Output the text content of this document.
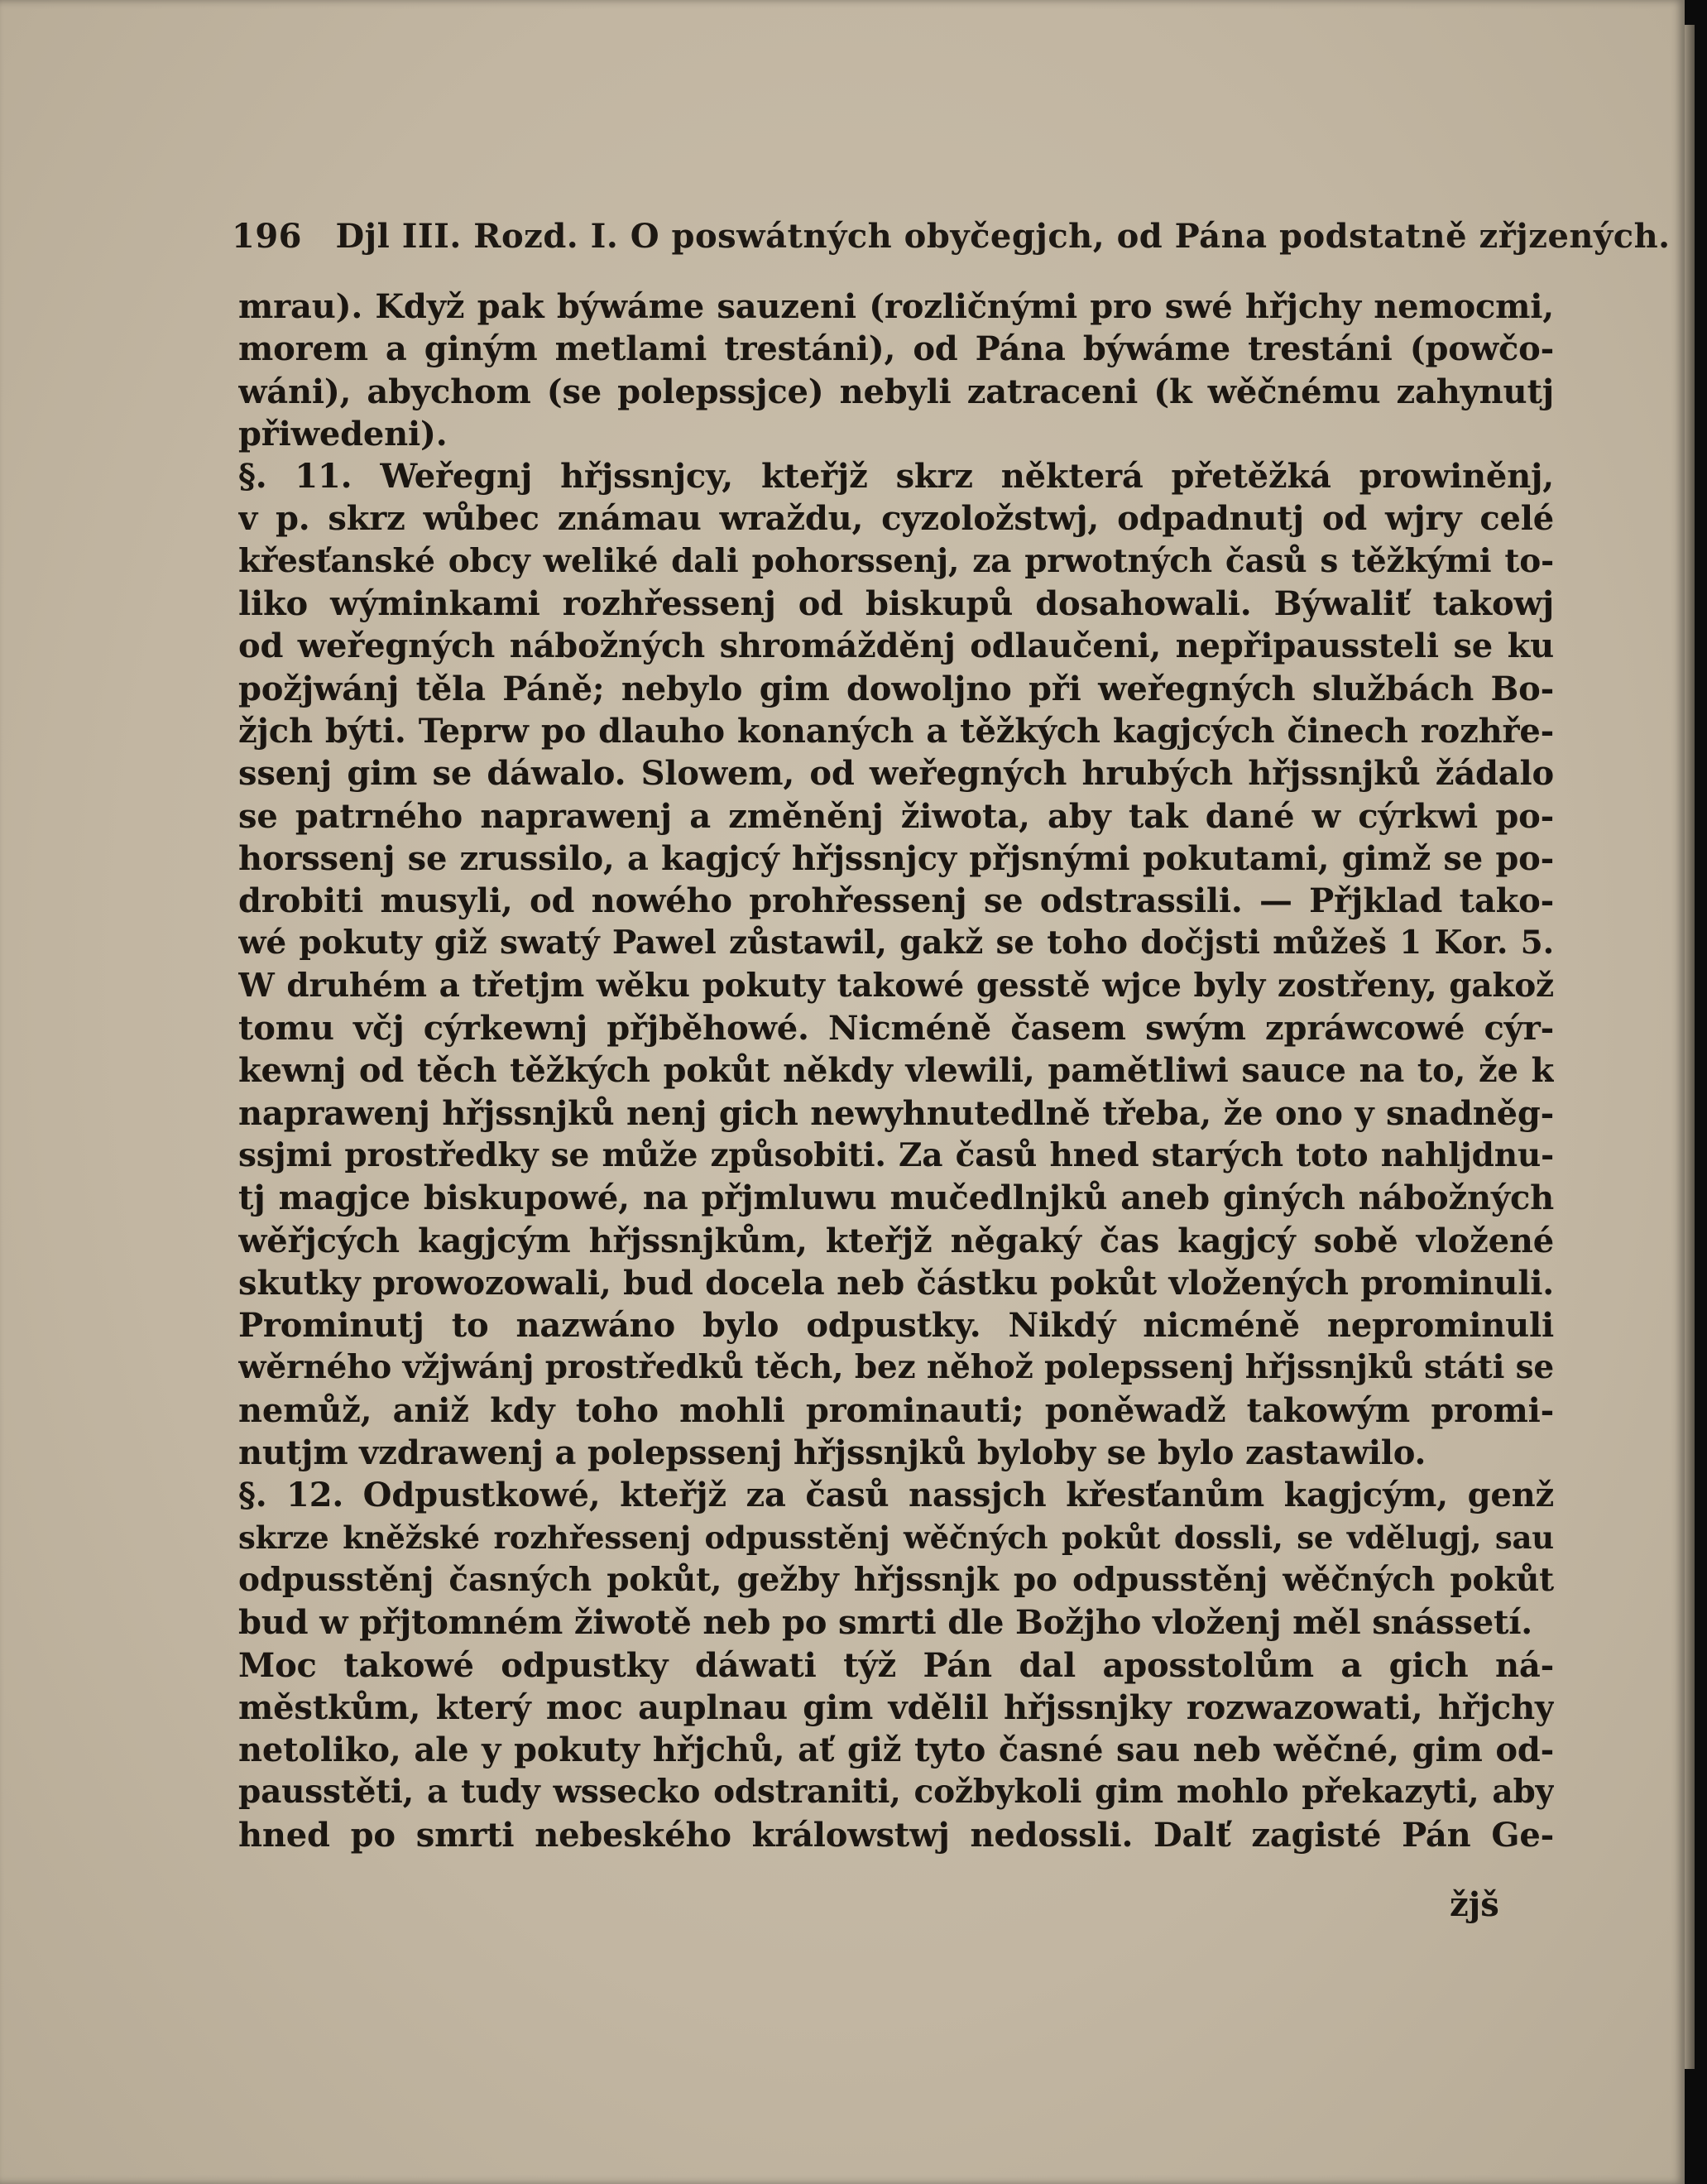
196 Djl III. Rozd. I. O poswátných obyčegjch, od Pána podstatně zřjzených.
mrau). Když pak býwáme sauzeni (rozličnými pro swé hřjchy nemocmi,
morem a giným metlami trestáni), od Pána býwáme trestáni (powčo-
wáni), abychom (se polepssjce) nebyli zatraceni (k wěčnému zahynutj
přiwedeni).
§. 11. Weřegnj hřjssnjcy, kteřjž skrz některá přetěžká prowiněnj,
v p. skrz wůbec známau wraždu, cyzoložstwj, odpadnutj od wjry celé
křesťanské obcy weliké dali pohorssenj, za prwotných časů s těžkými to-
liko wýminkami rozhřessenj od biskupů dosahowali. Býwaliť takowj
od weřegných nábožných shromážděnj odlaučeni, nepřipaussteli se ku
požjwánj těla Páně; nebylo gim dowoljno při weřegných službách Bo-
žjch býti. Teprw po dlauho konaných a těžkých kagjcých činech rozhře-
ssenj gim se dáwalo. Slowem, od weřegných hrubých hřjssnjků žádalo
se patrného naprawenj a změněnj žiwota, aby tak dané w cýrkwi po-
horssenj se zrussilo, a kagjcý hřjssnjcy přjsnými pokutami, gimž se po-
drobiti musyli, od nowého prohřessenj se odstrassili. — Přjklad tako-
wé pokuty giž swatý Pawel zůstawil, gakž se toho dočjsti můžeš 1 Kor. 5.
W druhém a třetjm wěku pokuty takowé gesstě wjce byly zostřeny, gakož
tomu včj cýrkewnj přjběhowé. Nicméně časem swým zpráwcowé cýr-
kewnj od těch těžkých pokůt někdy vlewili, pamětliwi sauce na to, že k
naprawenj hřjssnjků nenj gich newyhnutedlně třeba, že ono y snadněg-
ssjmi prostředky se může způsobiti. Za časů hned starých toto nahljdnu-
tj magjce biskupowé, na přjmluwu mučedlnjků aneb giných nábožných
wěřjcých kagjcým hřjssnjkům, kteřjž něgaký čas kagjcý sobě vložené
skutky prowozowali, bud docela neb částku pokůt vložených prominuli.
Prominutj to nazwáno bylo odpustky. Nikdý nicméně neprominuli
wěrného vžjwánj prostředků těch, bez něhož polepssenj hřjssnjků státi se
nemůž, aniž kdy toho mohli prominauti; poněwadž takowým promi-
nutjm vzdrawenj a polepssenj hřjssnjků byloby se bylo zastawilo.
§. 12. Odpustkowé, kteřjž za časů nassjch křesťanům kagjcým, genž
skrze kněžské rozhřessenj odpusstěnj wěčných pokůt dossli, se vdělugj, sau
odpusstěnj časných pokůt, gežby hřjssnjk po odpusstěnj wěčných pokůt
bud w přjtomném žiwotě neb po smrti dle Božjho vloženj měl snássetí.
Moc takowé odpustky dáwati týž Pán dal aposstolům a gich ná-
městkům, který moc auplnau gim vdělil hřjssnjky rozwazowati, hřjchy
netoliko, ale y pokuty hřjchů, ať giž tyto časné sau neb wěčné, gim od-
pausstěti, a tudy wssecko odstraniti, cožbykoli gim mohlo překazyti, aby
hned po smrti nebeského králowstwj nedossli. Dalť zagisté Pán Ge-
žjš
